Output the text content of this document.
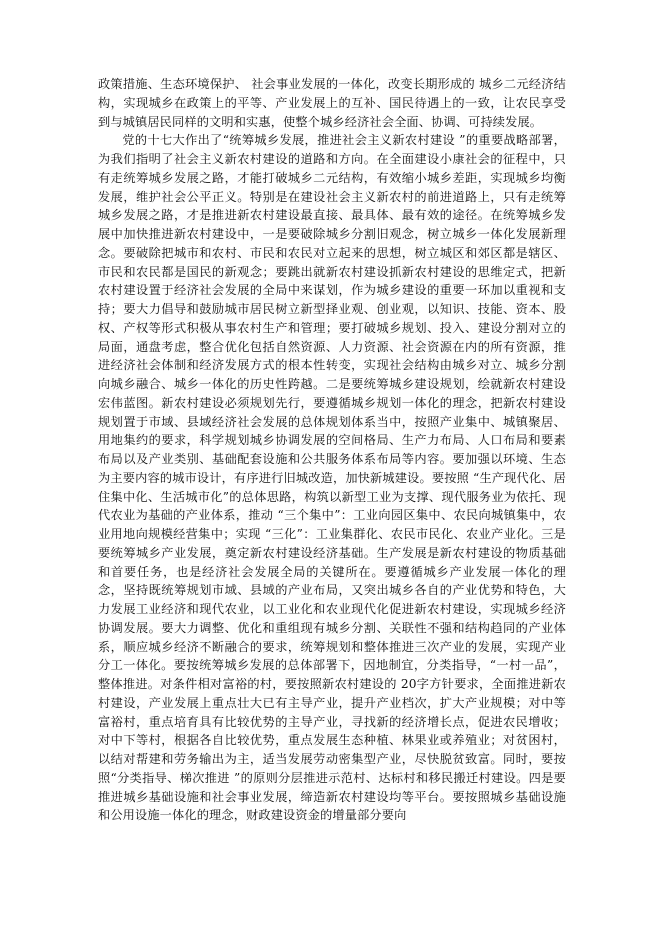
政策措施、生态环境保护、 社会事业发展的一体化，改变长期形成的 城乡二元经济结构，实现城乡在政策上的平等、产业发展上的互补、国民待遇上的一致，让农民享受到与城镇居民同样的文明和实惠，使整个城乡经济社会全面、协调、可持续发展。

党的十七大作出了“统筹城乡发展，推进社会主义新农村建设 ”的重要战略部署，为我们指明了社会主义新农村建设的道路和方向。在全面建设小康社会的征程中，只有走统筹城乡发展之路，才能打破城乡二元结构，有效缩小城乡差距，实现城乡均衡发展，维护社会公平正义。特别是在建设社会主义新农村的前进道路上，只有走统筹城乡发展之路，才是推进新农村建设最直接、最具体、最有效的途径。在统筹城乡发展中加快推进新农村建设中，一是要破除城乡分割旧观念，树立城乡一体化发展新理念。要破除把城市和农村、市民和农民对立起来的思想，树立城区和郊区都是辖区、市民和农民都是国民的新观念；要跳出就新农村建设抓新农村建设的思维定式，把新农村建设置于经济社会发展的全局中来谋划，作为城乡建设的重要一环加以重视和支持；要大力倡导和鼓励城市居民树立新型择业观、创业观，以知识、技能、资本、股权、产权等形式积极从事农村生产和管理；要打破城乡规划、投入、建设分割对立的局面，通盘考虑，整合优化包括自然资源、人力资源、社会资源在内的所有资源，推进经济社会体制和经济发展方式的根本性转变，实现社会结构由城乡对立、城乡分割向城乡融合、城乡一体化的历史性跨越。二是要统筹城乡建设规划，绘就新农村建设宏伟蓝图。新农村建设必须规划先行，要遵循城乡规划一体化的理念，把新农村建设规划置于市域、县域经济社会发展的总体规划体系当中，按照产业集中、城镇聚居、用地集约的要求，科学规划城乡协调发展的空间格局、生产力布局、人口布局和要素布局以及产业类别、基础配套设施和公共服务体系布局等内容。要加强以环境、生态为主要内容的城市设计，有序进行旧城改造，加快新城建设。要按照 “生产现代化、居住集中化、生活城市化”的总体思路，构筑以新型工业为支撑、现代服务业为依托、现代农业为基础的产业体系，推动 “三个集中”：工业向园区集中、农民向城镇集中，农业用地向规模经营集中；实现 “三化”：工业集群化、农民市民化、农业产业化。三是要统筹城乡产业发展，奠定新农村建设经济基础。生产发展是新农村建设的物质基础和首要任务，也是经济社会发展全局的关键所在。要遵循城乡产业发展一体化的理念，坚持既统筹规划市域、县域的产业布局，又突出城乡各自的产业优势和特色，大力发展工业经济和现代农业，以工业化和农业现代化促进新农村建设，实现城乡经济协调发展。要大力调整、优化和重组现有城乡分割、关联性不强和结构趋同的产业体系，顺应城乡经济不断融合的要求，统筹规划和整体推进三次产业的发展，实现产业分工一体化。要按统筹城乡发展的总体部署下，因地制宜，分类指导，“一村一品”，整体推进。对条件相对富裕的村，要按照新农村建设的 20字方针要求，全面推进新农村建设，产业发展上重点壮大已有主导产业，提升产业档次，扩大产业规模；对中等富裕村，重点培育具有比较优势的主导产业，寻找新的经济增长点，促进农民增收；对中下等村，根据各自比较优势，重点发展生态种植、林果业或养殖业；对贫困村，以结对帮建和劳务输出为主，适当发展劳动密集型产业，尽快脱贫致富。同时，要按照“分类指导、梯次推进 ”的原则分层推进示范村、达标村和移民搬迁村建设。四是要推进城乡基础设施和社会事业发展，缔造新农村建设均等平台。要按照城乡基础设施和公用设施一体化的理念，财政建设资金的增量部分要向
